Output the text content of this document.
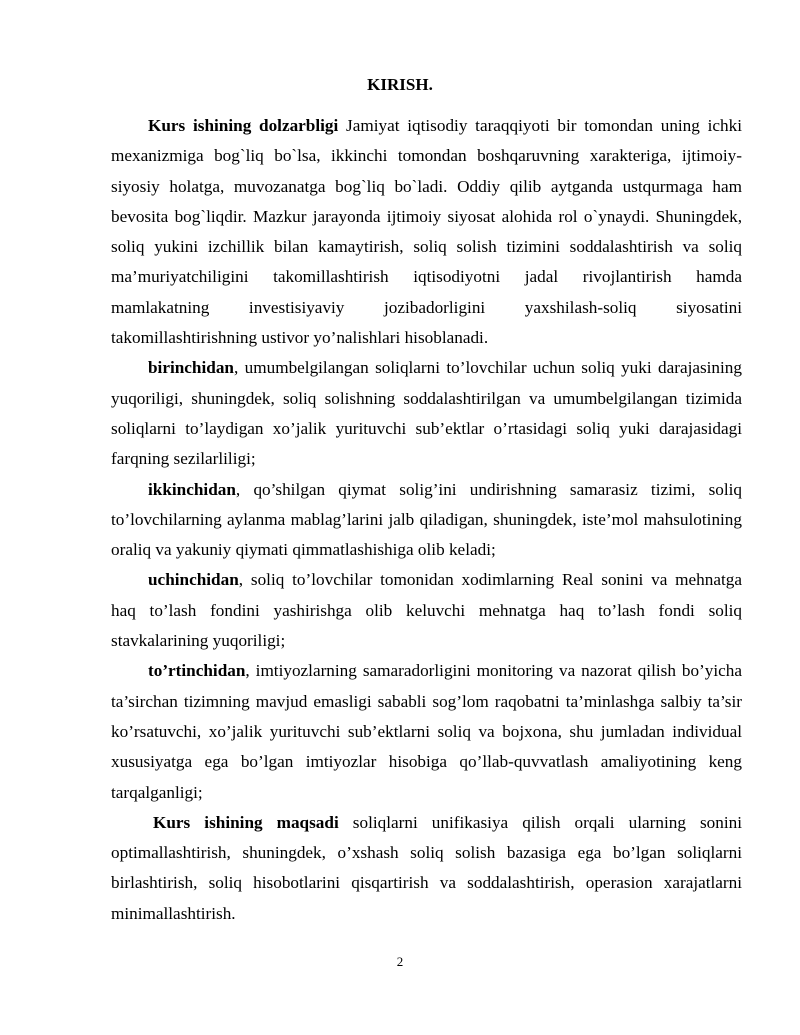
KIRISH.

Kurs ishining dolzarbligi Jamiyat iqtisodiy taraqqiyoti bir tomondan uning ichki mexanizmiga bog`liq bo`lsa, ikkinchi tomondan boshqaruvning xarakteriga, ijtimoiy-siyosiy holatga, muvozanatga bog`liq bo`ladi. Oddiy qilib aytganda ustqurmaga ham bevosita bog`liqdir. Mazkur jarayonda ijtimoiy siyosat alohida rol o`ynaydi. Shuningdek, soliq yukini izchillik bilan kamaytirish, soliq solish tizimini soddalashtirish va soliq ma’muriyatchiligini takomillashtirish iqtisodiyotni jadal rivojlantirish hamda mamlakatning investisiyaviy jozibadorligini yaxshilash-soliq siyosatini takomillashtirishning ustivor yo’nalishlari hisoblanadi.

birinchidan, umumbelgilangan soliqlarni to’lovchilar uchun soliq yuki darajasining yuqoriligi, shuningdek, soliq solishning soddalashtirilgan va umumbelgilangan tizimida soliqlarni to’laydigan xo’jalik yurituvchi sub’ektlar o’rtasidagi soliq yuki darajasidagi farqning sezilarliligi;

ikkinchidan, qo’shilgan qiymat solig’ini undirishning samarasiz tizimi, soliq to’lovchilarning aylanma mablag’larini jalb qiladigan, shuningdek, iste’mol mahsulotining oraliq va yakuniy qiymati qimmatlashishiga olib keladi;

uchinchidan, soliq to’lovchilar tomonidan xodimlarning Real sonini va mehnatga haq to’lash fondini yashirishga olib keluvchi mehnatga haq to’lash fondi soliq stavkalarining yuqoriligi;

to’rtinchidan, imtiyozlarning samaradorligini monitoring va nazorat qilish bo’yicha ta’sirchan tizimning mavjud emasligi sababli sog’lom raqobatni ta’minlashga salbiy ta’sir ko’rsatuvchi, xo’jalik yurituvchi sub’ektlarni soliq va bojxona, shu jumladan individual xususiyatga ega bo’lgan imtiyozlar hisobiga qo’llab-quvvatlash amaliyotining keng tarqalganligi;

Kurs ishining maqsadi soliqlarni unifikasiya qilish orqali ularning sonini optimallashtirish, shuningdek, o’xshash soliq solish bazasiga ega bo’lgan soliqlarni birlashtirish, soliq hisobotlarini qisqartirish va soddalashtirish, operasion xarajatlarni minimallashtirish.

2
